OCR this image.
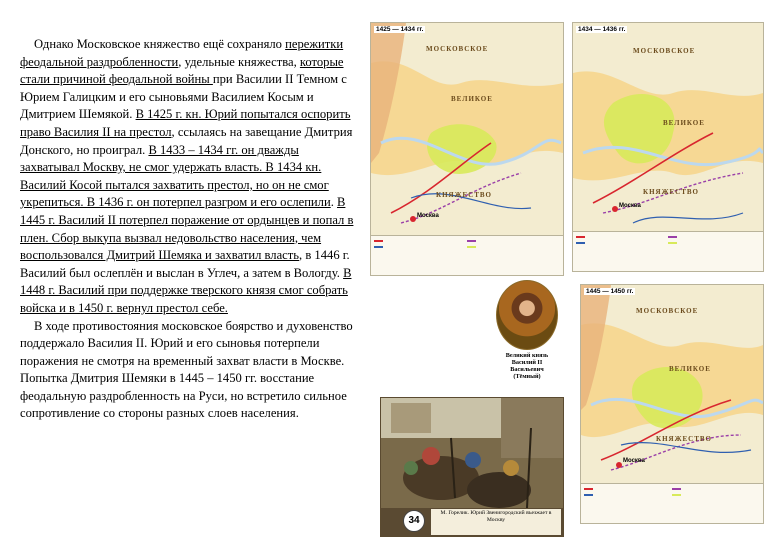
Однако Московское княжество ещё сохраняло пережитки феодальной раздробленности, удельные княжества, которые стали причиной феодальной войны при Василии II Темном с Юрием Галицким и его сыновьями Василием Косым и Дмитрием Шемякой. В 1425 г. кн. Юрий попытался оспорить право Василия II на престол, ссылаясь на завещание Дмитрия Донского, но проиграл. В 1433 – 1434 гг. он дважды захватывал Москву, не смог удержать власть. В 1434 кн. Василий Косой пытался захватить престол, но он не смог укрепиться. В 1436 г. он потерпел разгром и его ослепили. В 1445 г. Василий II потерпел поражение от ордынцев и попал в плен. Сбор выкупа вызвал недовольство населения, чем воспользовался Дмитрий Шемяка и захватил власть, в 1446 г. Василий был ослеплён и выслан в Углеч, а затем в Вологду. В 1448 г. Василий при поддержке тверского князя смог собрать войска и в 1450 г. вернул престол себе.

В ходе противостояния московское боярство и духовенство поддержало Василия II. Юрий и его сыновья потерпели поражения не смотря на временный захват власти в Москве. Попытка Дмитрия Шемяки в 1445 – 1450 гг. восстание феодальную раздробленность на Руси, но встретило сильное сопротивление со стороны разных слоев населения.

1425 — 1434 гг.
МОСКОВСКОЕ
ВЕЛИКОЕ
КНЯЖЕСТВО
Москва
1434 — 1436 гг.
МОСКОВСКОЕ
ВЕЛИКОЕ
КНЯЖЕСТВО
Москва
1445 — 1450 гг.
МОСКОВСКОЕ
ВЕЛИКОЕ
КНЯЖЕСТВО
Москва
Великий князь Василий II Васильевич (Тёмный)
34
М. Горелик. Юрий Звенигородский въезжает в Москву
